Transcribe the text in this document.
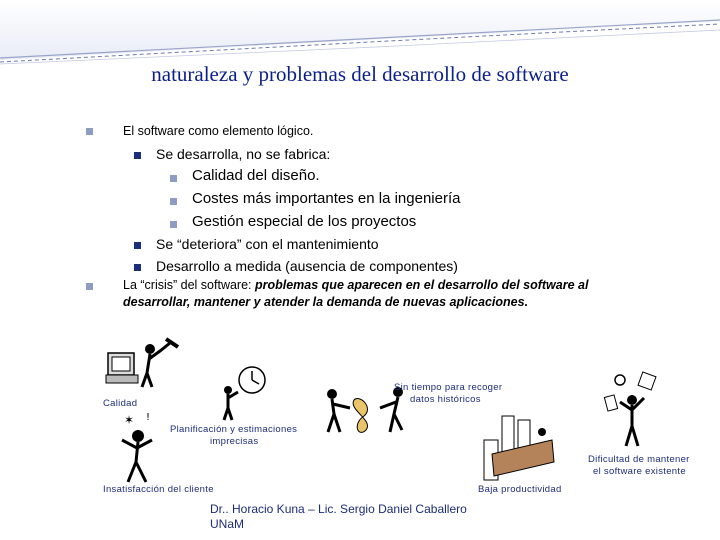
naturaleza y problemas del desarrollo de software
El software como elemento lógico.
Se desarrolla, no se fabrica:
Calidad del diseño.
Costes más importantes en la ingeniería
Gestión especial de los proyectos
Se “deteriora” con el mantenimiento
Desarrollo a medida (ausencia de componentes)
La “crisis” del software: problemas que aparecen en el desarrollo del software al
desarrollar, mantener y atender la demanda de nuevas aplicaciones.
✶ !
Calidad
Sin tiempo para recoger
datos históricos
Planificación y estimaciones
imprecisas
Dificultad de mantener
el software existente
Insatisfacción del cliente	Baja productividad
Dr.. Horacio Kuna – Lic. Sergio Daniel Caballero
UNaM
